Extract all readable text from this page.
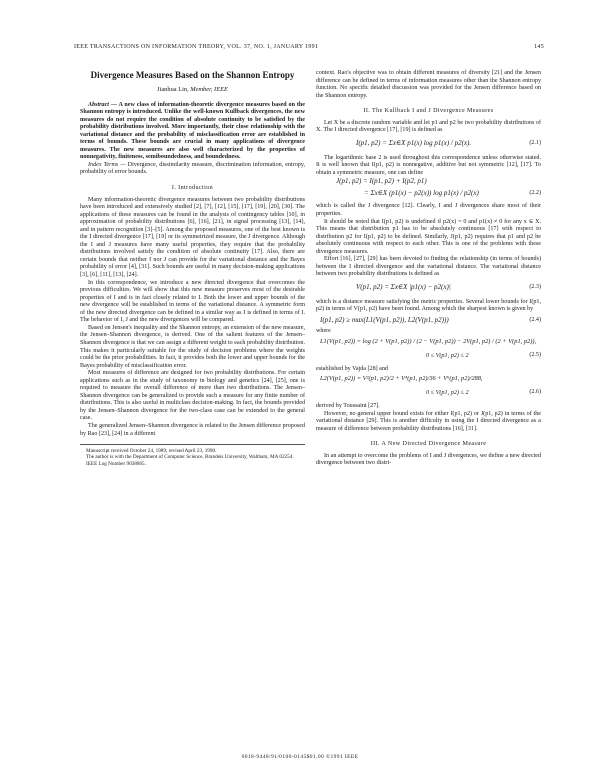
IEEE TRANSACTIONS ON INFORMATION THEORY, VOL. 37, NO. 1, JANUARY 1991	145
Divergence Measures Based on the Shannon Entropy
Jianhua Lin, Member, IEEE

Abstract — A new class of information-theoretic divergence measures based on the Shannon entropy is introduced. Unlike the well-known Kullback divergences, the new measures do not require the condition of absolute continuity to be satisfied by the probability distributions involved. More importantly, their close relationship with the variational distance and the probability of misclassification error are established in terms of bounds. These bounds are crucial in many applications of divergence measures. The new measures are also well characterized by the properties of nonnegativity, finiteness, semiboundedness, and boundedness.

Index Terms — Divergence, dissimilarity measure, discrimination information, entropy, probability of error bounds.

I. Introduction

Many information-theoretic divergence measures between two probability distributions have been introduced and extensively studied [2], [7], [12], [15], [17], [19], [20], [30]. The applications of these measures can be found in the analysis of contingency tables [10], in approximation of probability distributions [6], [16], [21], in signal processing [13], [14], and in pattern recognition [3]–[5]. Among the proposed measures, one of the best known is the I directed divergence [17], [19] or its symmetrized measure, the J divergence. Although the I and J measures have many useful properties, they require that the probability distributions involved satisfy the condition of absolute continuity [17]. Also, there are certain bounds that neither I nor J can provide for the variational distance and the Bayes probability of error [4], [31]. Such bounds are useful in many decision-making applications [3], [6], [11], [13], [24].

In this correspondence, we introduce a new directed divergence that overcomes the previous difficulties. We will show that this new measure preserves most of the desirable properties of I and is in fact closely related to I. Both the lower and upper bounds of the new divergence will be established in terms of the variational distance. A symmetric form of the new directed divergence can be defined in a similar way as J is defined in terms of I. The behavior of I, J and the new divergences will be compared.

Based on Jensen's inequality and the Shannon entropy, an extension of the new measure, the Jensen–Shannon divergence, is derived. One of the salient features of the Jensen–Shannon divergence is that we can assign a different weight to each probability distribution. This makes it particularly suitable for the study of decision problems where the weights could be the prior probabilities. In fact, it provides both the lower and upper bounds for the Bayes probability of misclassification error.

Most measures of difference are designed for two probability distributions. For certain applications such as in the study of taxonomy in biology and genetics [24], [25], one is required to measure the overall difference of more than two distributions. The Jensen–Shannon divergence can be generalized to provide such a measure for any finite number of distributions. This is also useful in multiclass decision-making. In fact, the bounds provided by the Jensen–Shannon divergence for the two-class case can be extended to the general case.

The generalized Jensen–Shannon divergence is related to the Jensen difference proposed by Rao [23], [24] in a different

Manuscript received October 24, 1989; revised April 23, 1990.

The author is with the Department of Computer Science, Brandeis University, Waltham, MA 02254.

IEEE Log Number 9038865.

context. Rao's objective was to obtain different measures of diversity [21] and the Jensen difference can be defined in terms of information measures other than the Shannon entropy function. No specific detailed discussion was provided for the Jensen difference based on the Shannon entropy.

II. The Kullback I and J Divergence Measures

Let X be a discrete random variable and let p1 and p2 be two probability distributions of X. The I directed divergence [17], [19] is defined as

I(p1, p2) = Σx∈X p1(x) log p1(x) / p2(x).	(2.1)

The logarithmic base 2 is used throughout this correspondence unless otherwise stated. It is well known that I(p1, p2) is nonnegative, additive but not symmetric [12], [17]. To obtain a symmetric measure, one can define

J(p1, p2) = I(p1, p2) + I(p2, p1)
= Σx∈X (p1(x) − p2(x)) log p1(x) / p2(x)	(2.2)

which is called the J divergence [12]. Clearly, I and J divergences share most of their properties.

It should be noted that I(p1, p2) is undefined if p2(x) = 0 and p1(x) ≠ 0 for any x ∈ X. This means that distribution p1 has to be absolutely continuous [17] with respect to distribution p2 for I(p1, p2) to be defined. Similarly, J(p1, p2) requires that p1 and p2 be absolutely continuous with respect to each other. This is one of the problems with these divergence measures.

Effort [16], [27], [29] has been devoted to finding the relationship (in terms of bounds) between the I directed divergence and the variational distance. The variational distance between two probability distributions is defined as

V(p1, p2) = Σx∈X |p1(x) − p2(x)|	(2.3)

which is a distance measure satisfying the metric properties. Several lower bounds for I(p1, p2) in terms of V(p1, p2) have been found. Among which the sharpest known is given by

I(p1, p2) ≥ max(L1(V(p1, p2)), L2(V(p1, p2)))	(2.4)

where

L1(V(p1, p2)) = log (2 + V(p1, p2)) / (2 − V(p1, p2)) − 2V(p1, p2) / (2 + V(p1, p2)),
0 ≤ V(p1, p2) ≤ 2	(2.5)

established by Vajda [28] and

L2(V(p1, p2)) = V²(p1, p2)/2 + V⁴(p1, p2)/36 + V⁶(p1, p2)/288,
0 ≤ V(p1, p2) ≤ 2	(2.6)

derived by Toussaint [27].

However, no general upper bound exists for either I(p1, p2) or J(p1, p2) in terms of the variational distance [29]. This is another difficulty in using the I directed divergence as a measure of difference between probability distributions [16], [31].

III. A New Directed Divergence Measure

In an attempt to overcome the problems of I and J divergences, we define a new directed divergence between two distri-

0018-9448/91/0100-0145$01.00 ©1991 IEEE
